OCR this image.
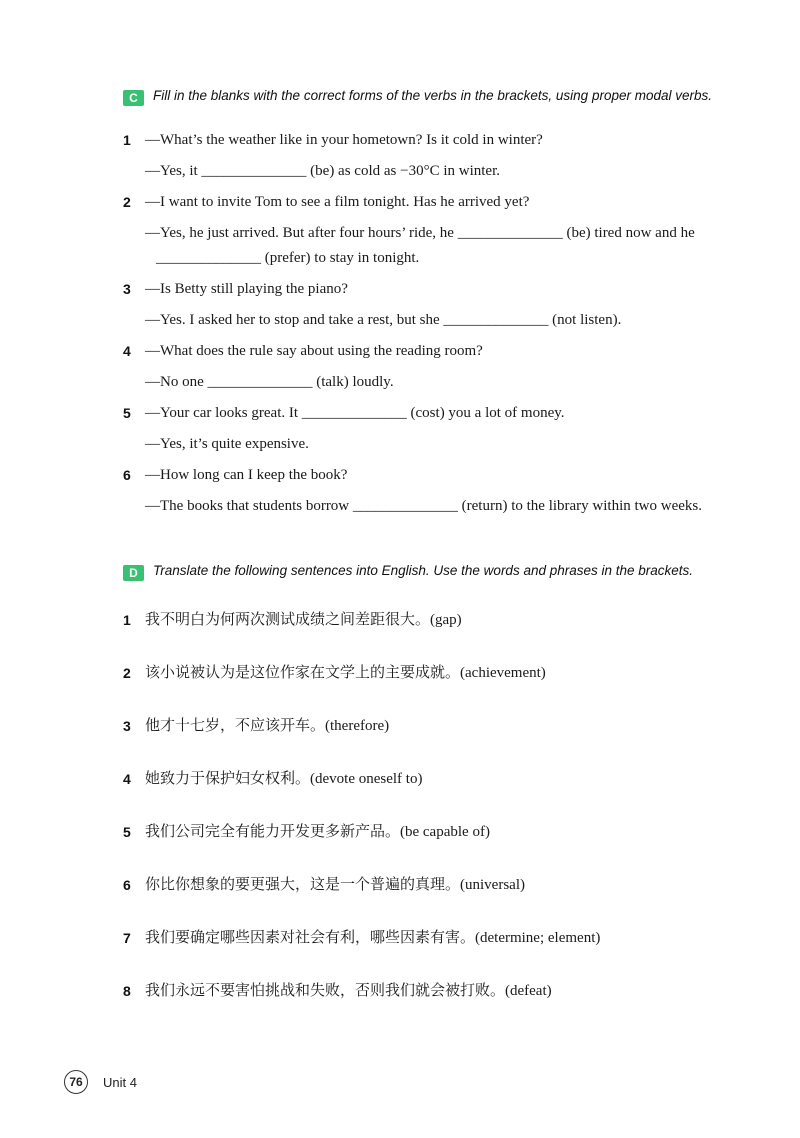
C Fill in the blanks with the correct forms of the verbs in the brackets, using proper modal verbs.

1 —What’s the weather like in your hometown? Is it cold in winter?

—Yes, it ______________ (be) as cold as −30°C in winter.

2 —I want to invite Tom to see a film tonight. Has he arrived yet?

—Yes, he just arrived. But after four hours’ ride, he ______________ (be) tired now and he ______________ (prefer) to stay in tonight.

3 —Is Betty still playing the piano?

—Yes. I asked her to stop and take a rest, but she ______________ (not listen).

4 —What does the rule say about using the reading room?

—No one ______________ (talk) loudly.

5 —Your car looks great. It ______________ (cost) you a lot of money.

—Yes, it’s quite expensive.

6 —How long can I keep the book?

—The books that students borrow ______________ (return) to the library within two weeks.

D Translate the following sentences into English. Use the words and phrases in the brackets.

1 我不明白为何两次测试成绩之间差距很大。(gap)

2 该小说被认为是这位作家在文学上的主要成就。(achievement)

3 他才十七岁，不应该开车。(therefore)

4 她致力于保护妇女权利。(devote oneself to)

5 我们公司完全有能力开发更多新产品。(be capable of)

6 你比你想象的要更强大，这是一个普遍的真理。(universal)

7 我们要确定哪些因素对社会有利，哪些因素有害。(determine; element)

8 我们永远不要害怕挑战和失败，否则我们就会被打败。(defeat)

76	Unit 4
